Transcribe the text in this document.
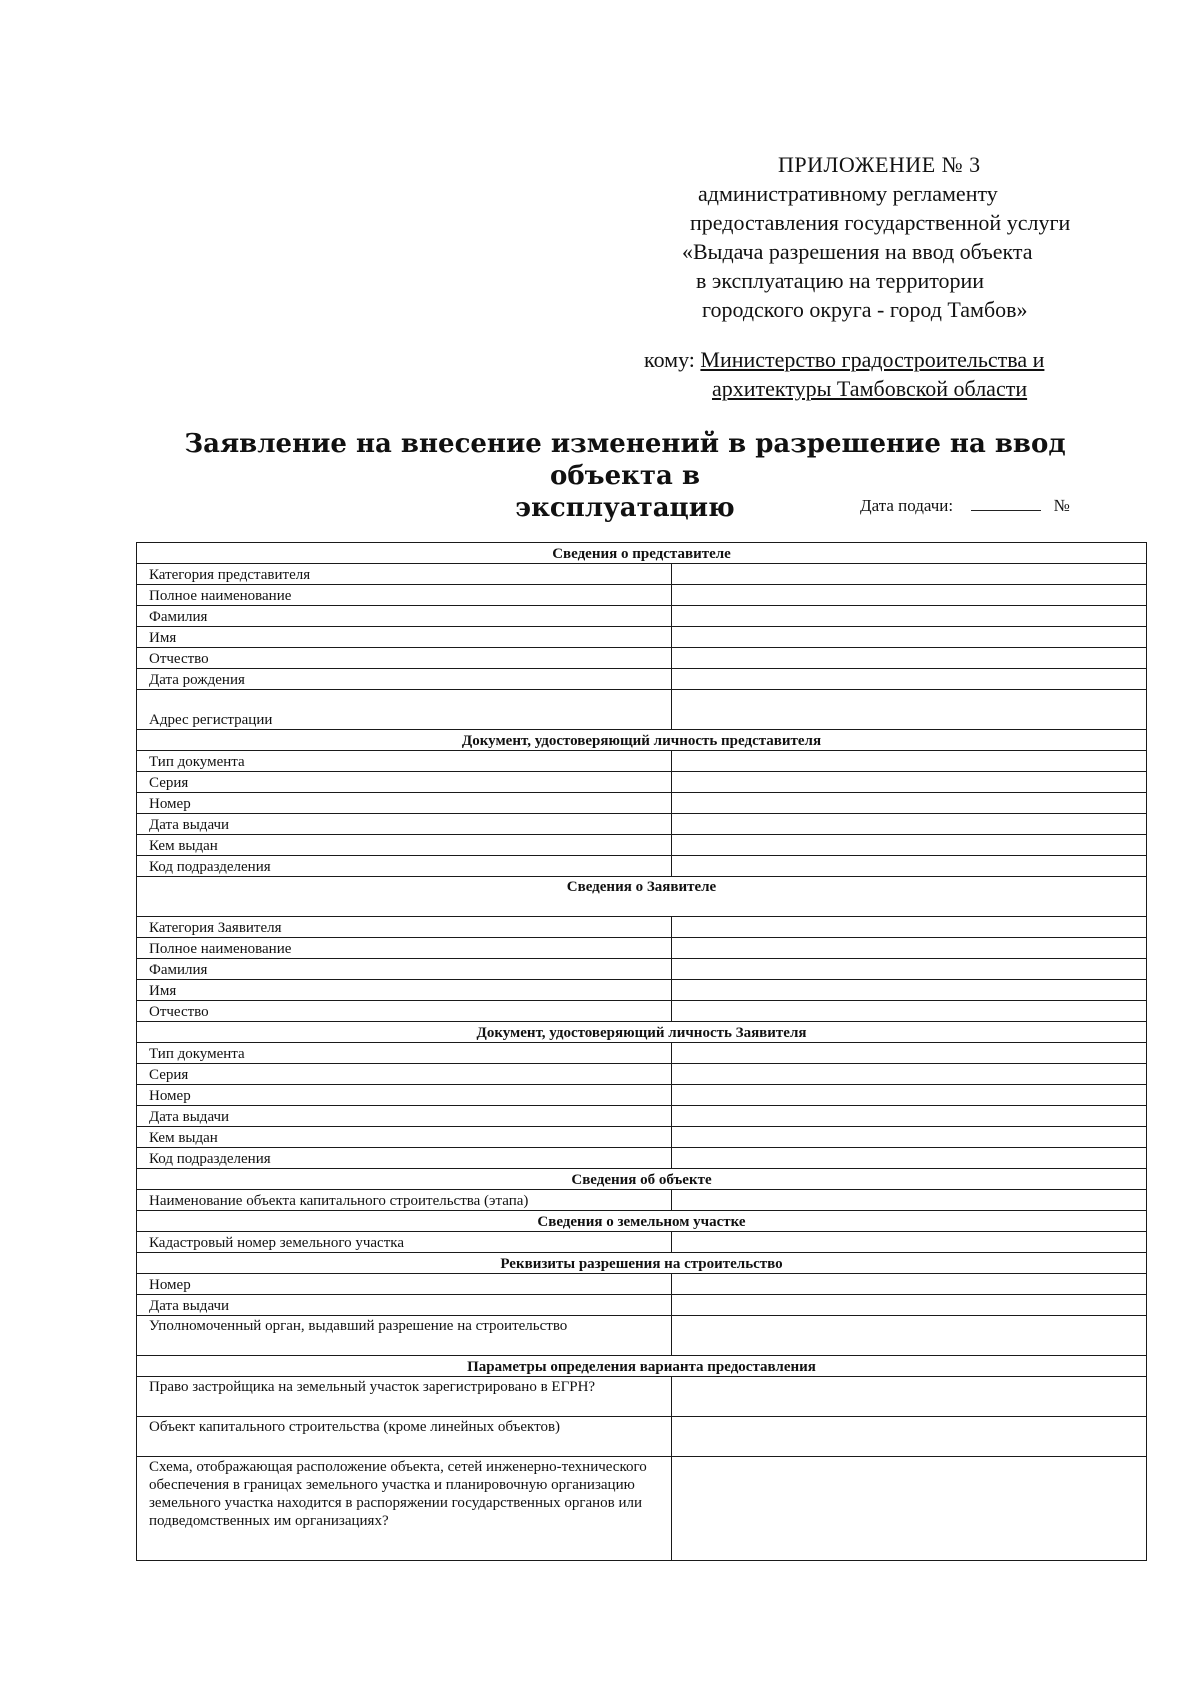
ПРИЛОЖЕНИЕ № 3
административному регламенту
предоставления государственной услуги
«Выдача разрешения на ввод объекта
в эксплуатацию на территории
городского округа - город Тамбов»
кому: Министерство градостроительства и
архитектуры Тамбовской области
Заявление на внесение изменений в разрешение на ввод объекта в
эксплуатацию	Дата подачи:	№
Сведения о представителе	
Категория представителя	
Полное наименование	
Фамилия	
Имя	
Отчество	
Дата рождения	
Адрес регистрации	
Документ, удостоверяющий личность представителя	
Тип документа	
Серия	
Номер	
Дата выдачи	
Кем выдан	
Код подразделения	
Сведения о Заявителе	
Категория Заявителя	
Полное наименование	
Фамилия	
Имя	
Отчество	
Документ, удостоверяющий личность Заявителя	
Тип документа	
Серия	
Номер	
Дата выдачи	
Кем выдан	
Код подразделения	
Сведения об объекте	
Наименование объекта капитального строительства (этапа)	
Сведения о земельном участке	
Кадастровый номер земельного участка	
Реквизиты разрешения на строительство	
Номер	
Дата выдачи	
Уполномоченный орган, выдавший разрешение на строительство	
Параметры определения варианта предоставления	
Право застройщика на земельный участок зарегистрировано в ЕГРН?	
Объект капитального строительства (кроме линейных объектов)	
Схема, отображающая расположение объекта, сетей инженерно-технического обеспечения в границах земельного участка и планировочную организацию земельного участка находится в распоряжении государственных органов или подведомственных им организациях?	
